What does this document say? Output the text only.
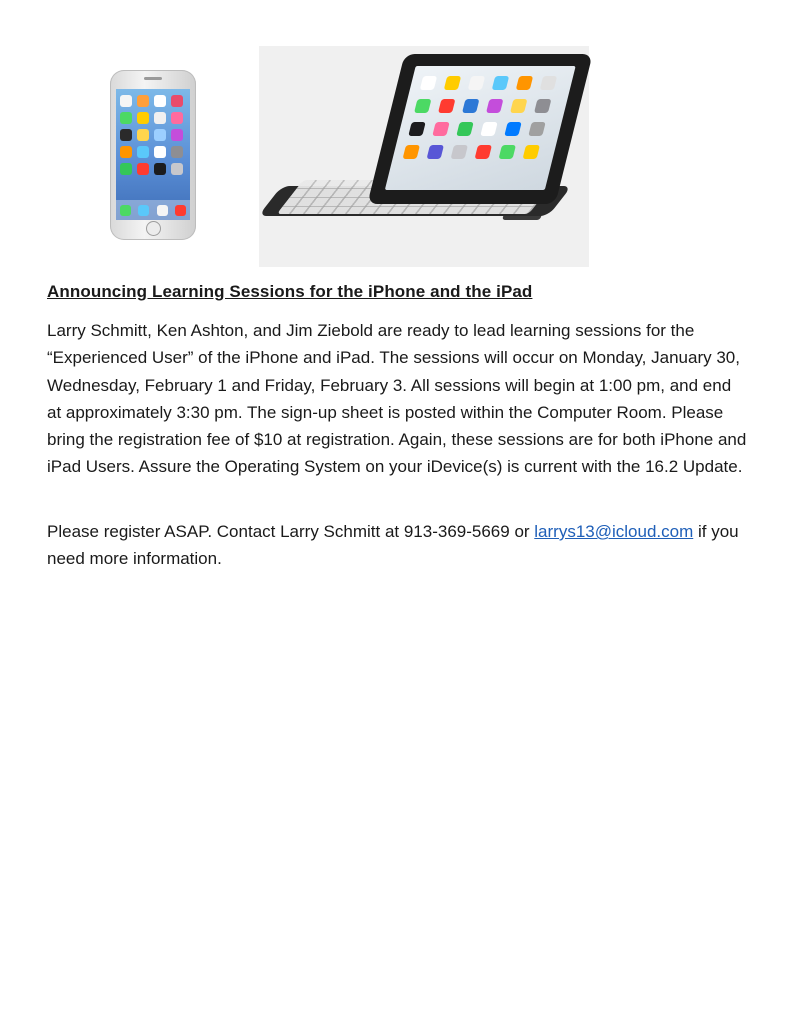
Announcing Learning Sessions for the iPhone and the iPad

Larry Schmitt, Ken Ashton, and Jim Ziebold are ready to lead learning sessions for the “Experienced User” of the iPhone and iPad. The sessions will occur on Monday, January 30, Wednesday, February 1 and Friday, February 3. All sessions will begin at 1:00 pm, and end at approximately 3:30 pm. The sign-up sheet is posted within the Computer Room. Please bring the registration fee of $10 at registration. Again, these sessions are for both iPhone and iPad Users. Assure the Operating System on your iDevice(s) is current with the 16.2 Update.

Please register ASAP. Contact Larry Schmitt at 913-369-5669 or larrys13@icloud.com if you need more information.
